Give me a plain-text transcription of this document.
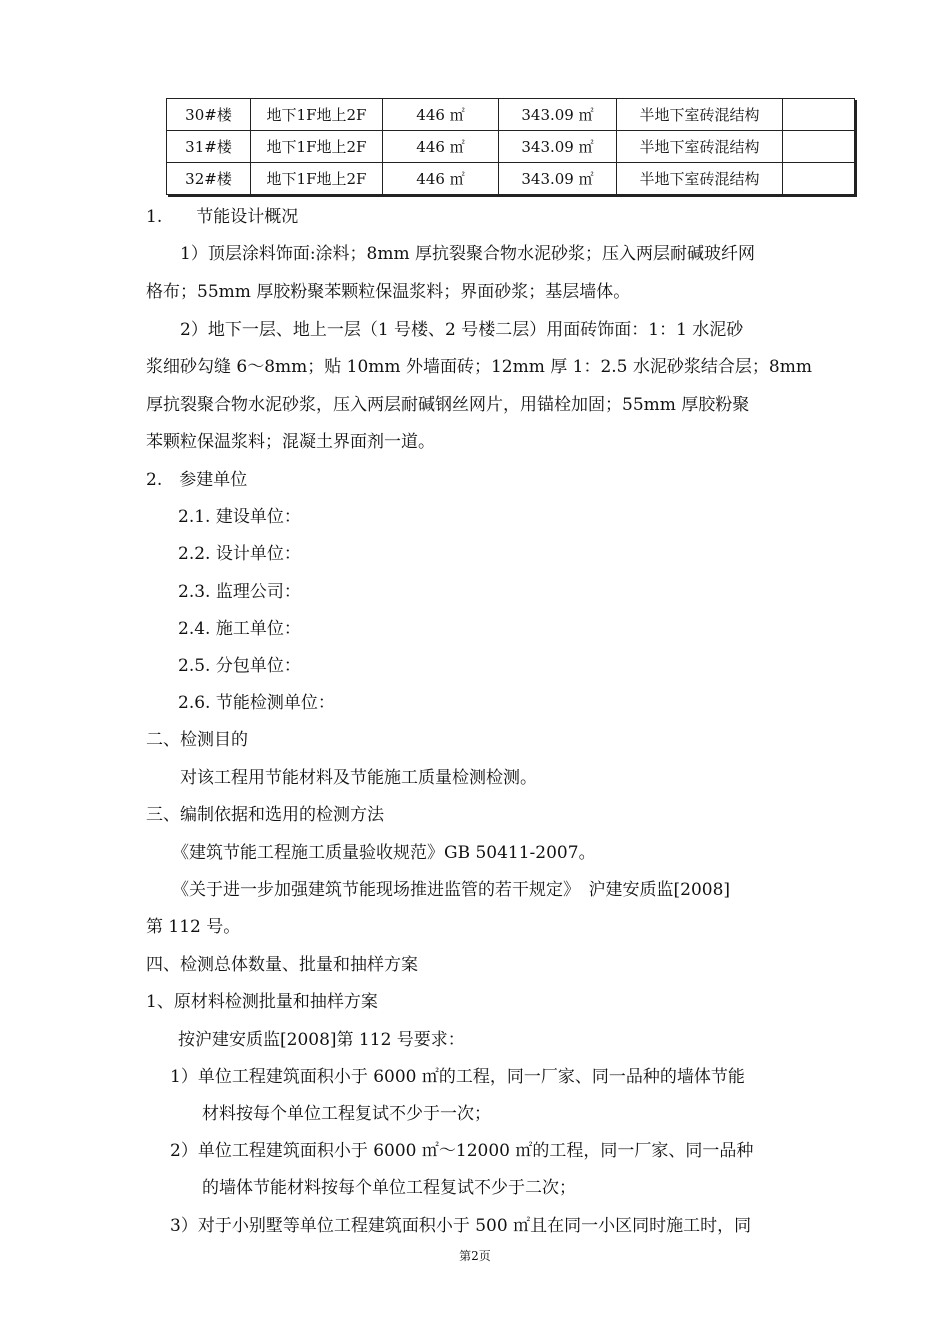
30#楼	地下1F地上2F	446 ㎡	343.09 ㎡	半地下室砖混结构	
31#楼	地下1F地上2F	446 ㎡	343.09 ㎡	半地下室砖混结构	
32#楼	地下1F地上2F	446 ㎡	343.09 ㎡	半地下室砖混结构	
1.　　节能设计概况
1）顶层涂料饰面:涂料；8mm 厚抗裂聚合物水泥砂浆；压入两层耐碱玻纤网
格布；55mm 厚胶粉聚苯颗粒保温浆料；界面砂浆；基层墙体。
2）地下一层、地上一层（1 号楼、2 号楼二层）用面砖饰面：1：1 水泥砂
浆细砂勾缝 6～8mm；贴 10mm 外墙面砖；12mm 厚 1：2.5 水泥砂浆结合层；8mm
厚抗裂聚合物水泥砂浆，压入两层耐碱钢丝网片，用锚栓加固；55mm 厚胶粉聚
苯颗粒保温浆料；混凝土界面剂一道。
2.　参建单位
2.1. 建设单位：
2.2. 设计单位：
2.3. 监理公司：
2.4. 施工单位：
2.5. 分包单位：
2.6. 节能检测单位：
二、检测目的
对该工程用节能材料及节能施工质量检测检测。
三、编制依据和选用的检测方法
《建筑节能工程施工质量验收规范》GB 50411-2007。
《关于进一步加强建筑节能现场推进监管的若干规定》　沪建安质监[2008]
第 112 号。
四、检测总体数量、批量和抽样方案
1、原材料检测批量和抽样方案
按沪建安质监[2008]第 112 号要求：
1）单位工程建筑面积小于 6000 ㎡的工程，同一厂家、同一品种的墙体节能
材料按每个单位工程复试不少于一次；
2）单位工程建筑面积小于 6000 ㎡～12000 ㎡的工程，同一厂家、同一品种
的墙体节能材料按每个单位工程复试不少于二次；
3）对于小别墅等单位工程建筑面积小于 500 ㎡且在同一小区同时施工时，同
第2页
